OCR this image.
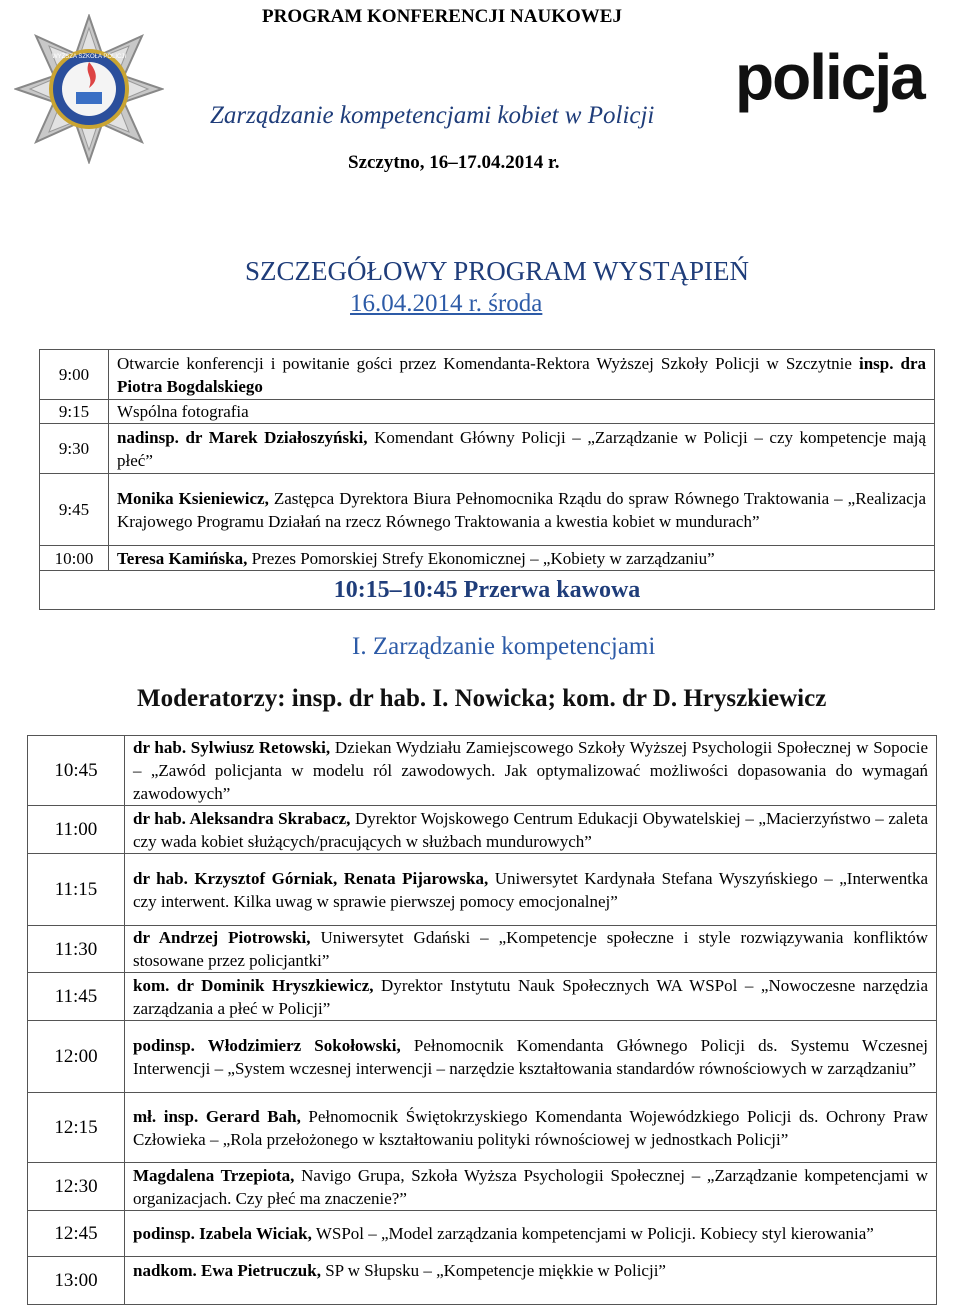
WYŻSZA SZKOŁA POLICJI	policja
PROGRAM KONFERENCJI NAUKOWEJ
Zarządzanie kompetencjami kobiet w Policji
Szczytno, 16–17.04.2014 r.
SZCZEGÓŁOWY PROGRAM WYSTĄPIEŃ
16.04.2014 r. środa
9:00	Otwarcie konferencji i powitanie gości przez Komendanta-Rektora Wyższej Szkoły Policji w Szczytnie insp. dra Piotra Bogdalskiego
9:15	Wspólna fotografia
9:30	nadinsp. dr Marek Działoszyński, Komendant Główny Policji – „Zarządzanie w Policji – czy kompetencje mają płeć”
9:45	Monika Ksieniewicz, Zastępca Dyrektora Biura Pełnomocnika Rządu do spraw Równego Traktowania – „Realizacja Krajowego Programu Działań na rzecz Równego Traktowania a kwestia kobiet w mundurach”
10:00	Teresa Kamińska, Prezes Pomorskiej Strefy Ekonomicznej – „Kobiety w zarządzaniu”
10:15–10:45 Przerwa kawowa	
I. Zarządzanie kompetencjami
Moderatorzy: insp. dr hab. I. Nowicka; kom. dr D. Hryszkiewicz
10:45	dr hab. Sylwiusz Retowski, Dziekan Wydziału Zamiejscowego Szkoły Wyższej Psychologii Społecznej w Sopocie – „Zawód policjanta w modelu ról zawodowych. Jak optymalizować możliwości dopasowania do wymagań zawodowych”
11:00	dr hab. Aleksandra Skrabacz, Dyrektor Wojskowego Centrum Edukacji Obywatelskiej – „Macierzyństwo – zaleta czy wada kobiet służących/pracujących w służbach mundurowych”
11:15	dr hab. Krzysztof Górniak, Renata Pijarowska, Uniwersytet Kardynała Stefana Wyszyńskiego – „Interwentka czy interwent. Kilka uwag w sprawie pierwszej pomocy emocjonalnej”
11:30	dr Andrzej Piotrowski, Uniwersytet Gdański – „Kompetencje społeczne i style rozwiązywania konfliktów stosowane przez policjantki”
11:45	kom. dr Dominik Hryszkiewicz, Dyrektor Instytutu Nauk Społecznych WA WSPol – „Nowoczesne narzędzia zarządzania a płeć w Policji”
12:00	podinsp. Włodzimierz Sokołowski, Pełnomocnik Komendanta Głównego Policji ds. Systemu Wczesnej Interwencji – „System wczesnej interwencji – narzędzie kształtowania standardów równościowych w zarządzaniu”
12:15	mł. insp. Gerard Bah, Pełnomocnik Świętokrzyskiego Komendanta Wojewódzkiego Policji ds. Ochrony Praw Człowieka – „Rola przełożonego w kształtowaniu polityki równościowej w jednostkach Policji”
12:30	Magdalena Trzepiota, Navigo Grupa, Szkoła Wyższa Psychologii Społecznej – „Zarządzanie kompetencjami w organizacjach. Czy płeć ma znaczenie?”
12:45	podinsp. Izabela Wiciak, WSPol – „Model zarządzania kompetencjami w Policji. Kobiecy styl kierowania”
13:00	nadkom. Ewa Pietruczuk, SP w Słupsku – „Kompetencje miękkie w Policji”
